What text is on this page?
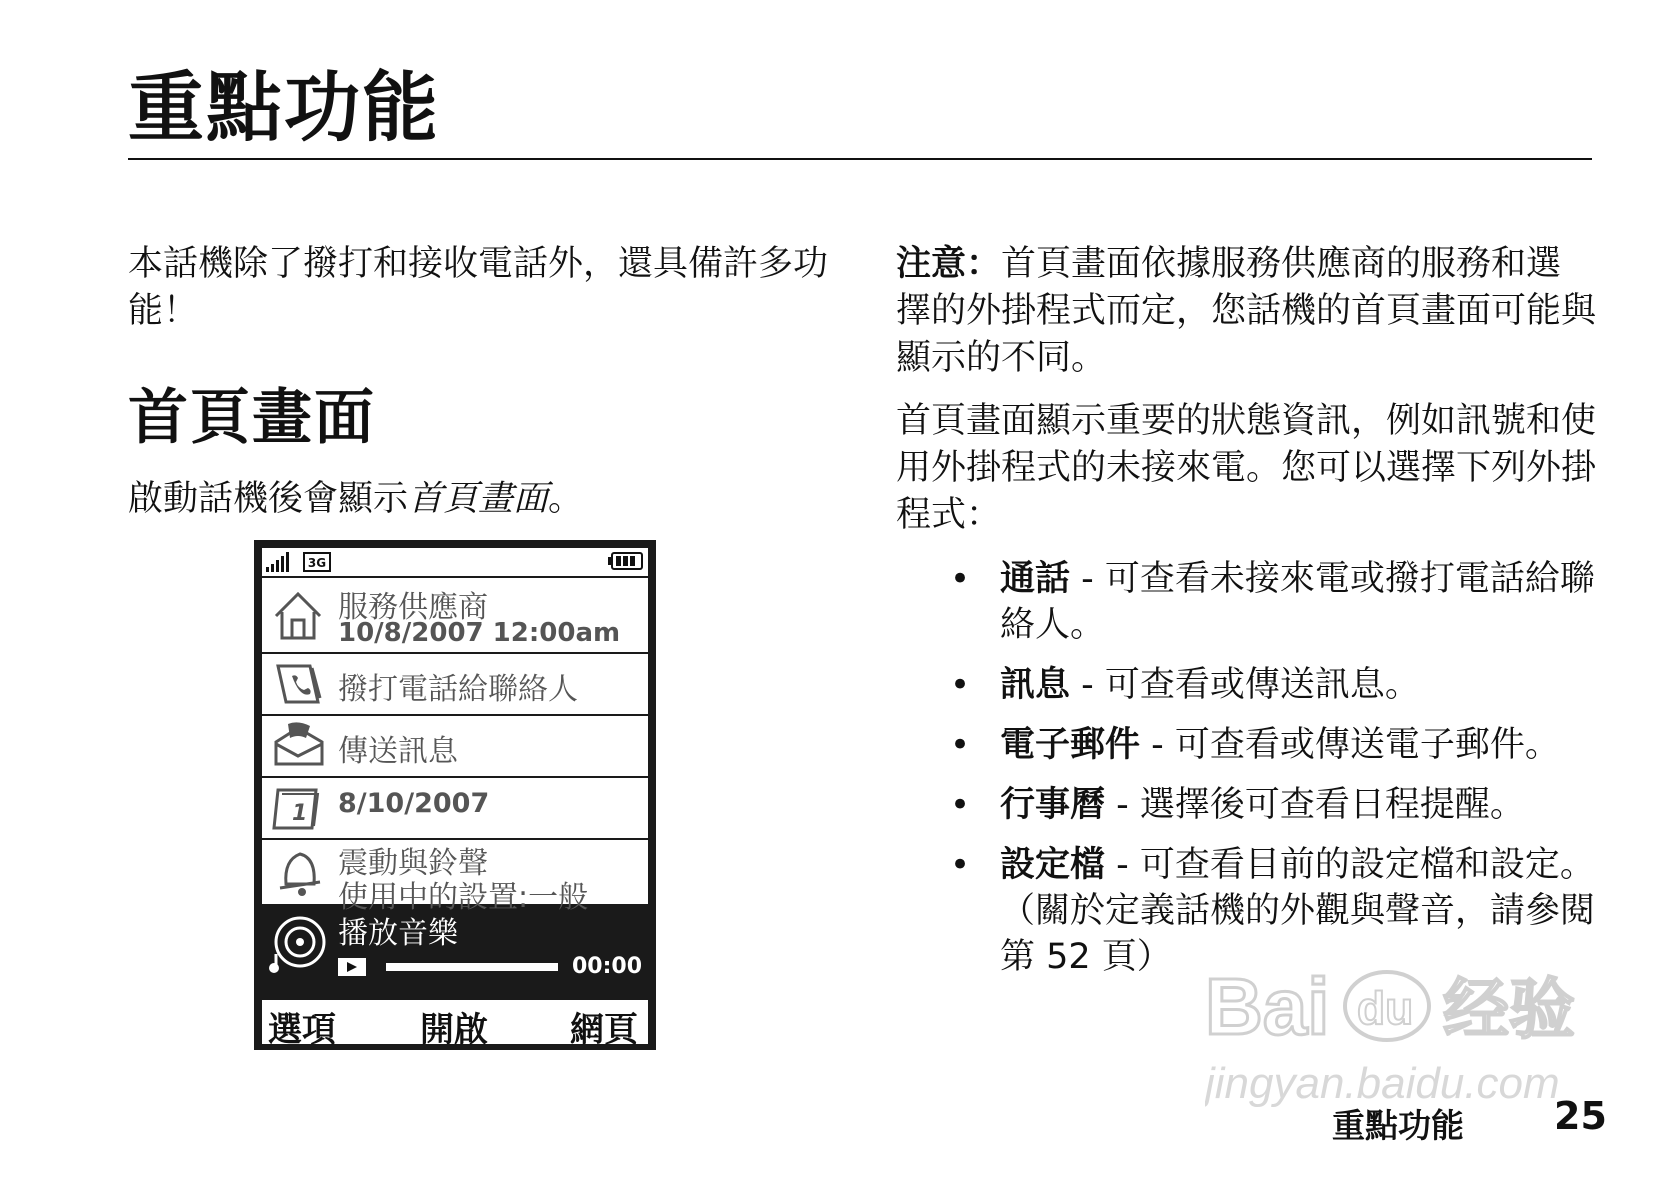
重點功能

本話機除了撥打和接收電話外，還具備許多功能！

首頁畫面

啟動話機後會顯示首頁畫面。

3G
服務供應商
10/8/2007 12:00am
撥打電話給聯絡人
傳送訊息
1 8/10/2007
震動與鈴聲
使用中的設置:一般
播放音樂
00:00
選項 開啟 網頁

注意：首頁畫面依據服務供應商的服務和選擇的外掛程式而定，您話機的首頁畫面可能與顯示的不同。

首頁畫面顯示重要的狀態資訊，例如訊號和使用外掛程式的未接來電。您可以選擇下列外掛程式：

• 通話 - 可查看未接來電或撥打電話給聯絡人。
• 訊息 - 可查看或傳送訊息。
• 電子郵件 - 可查看或傳送電子郵件。
• 行事曆 - 選擇後可查看日程提醒。
• 設定檔 - 可查看目前的設定檔和設定。（關於定義話機的外觀與聲音，請參閱第 52 頁）
Bai du 经验
jingyan.baidu.com
重點功能 25
